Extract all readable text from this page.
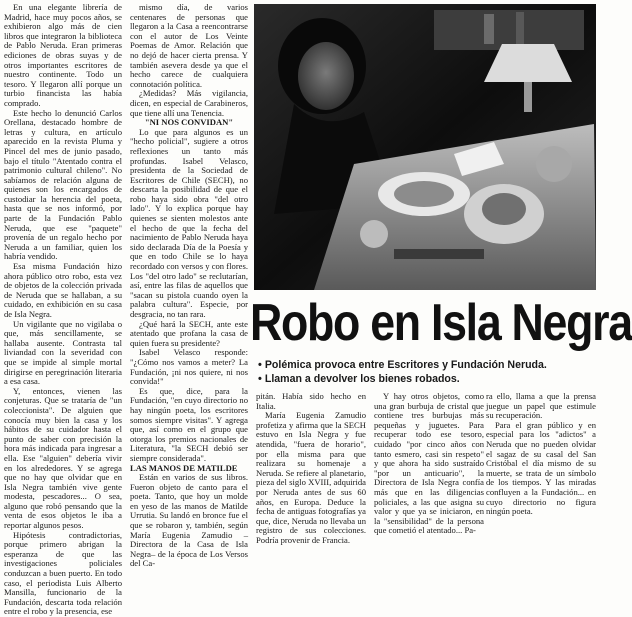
En una elegante librería de Madrid, hace muy pocos años, se exhibieron algo más de cien libros que integraron la biblioteca de Pablo Neruda. Eran primeras ediciones de obras suyas y de otros importantes escritores de nuestro continente. Todo un tesoro. Y llegaron allí porque un turbio financista las había comprado.

Este hecho lo denunció Carlos Orellana, destacado hombre de letras y cultura, en artículo aparecido en la revista Pluma y Pincel del mes de junio pasado, bajo el título "Atentado contra el patrimonio cultural chileno". No sabíamos de relación alguna de quienes son los encargados de custodiar la herencia del poeta, hasta que se nos informó, por parte de la Fundación Pablo Neruda, que ese "paquete" provenía de un regalo hecho por Neruda a un familiar, quien los habría vendido.

Esa misma Fundación hizo ahora público otro robo, esta vez de objetos de la colección privada de Neruda que se hallaban, a su cuidado, en exhibición en su casa de Isla Negra.

Un vigilante que no vigilaba o que, más sencillamente, se hallaba ausente. Contrasta tal liviandad con la severidad con que se impide al simple mortal dirigirse en peregrinación literaria a esa casa.

Y, entonces, vienen las conjeturas. Que se trataría de "un coleccionista". De alguien que conocía muy bien la casa y los hábitos de su cuidador hasta el punto de saber con precisión la hora más indicada para ingresar a ella. Ese "alguien" debería vivir en los alrededores. Y se agrega que no hay que olvidar que en Isla Negra también vive gente modesta, pescadores... O sea, alguno que robó pensando que la venta de esos objetos le iba a reportar algunos pesos.

Hipótesis contradictorias, porque primero abrigan la esperanza de que las investigaciones policiales conduzcan a buen puerto. En todo caso, el periodista Luis Alberto Mansilla, funcionario de la Fundación, descarta toda relación entre el robo y la presencia, ese

mismo día, de varios centenares de personas que llegaron a la Casa a reencontrarse con el autor de Los Veinte Poemas de Amor. Relación que no dejó de hacer cierta prensa. Y también asevera desde ya que el hecho carece de cualquiera connotación política.

¿Medidas? Más vigilancia, dicen, en especial de Carabineros, que tiene allí una Tenencia.

"NI NOS CONVIDAN"

Lo que para algunos es un "hecho policial", sugiere a otros reflexiones un tanto más profundas. Isabel Velasco, presidenta de la Sociedad de Escritores de Chile (SECH), no descarta la posibilidad de que el robo haya sido obra "del otro lado". Y lo explica porque hay quienes se sienten molestos ante el hecho de que la fecha del nacimiento de Pablo Neruda haya sido declarada Día de la Poesía y que en todo Chile se lo haya recordado con versos y con flores. Los "del otro lado" se reclutarían, así, entre las filas de aquellos que "sacan su pistola cuando oyen la palabra cultura". Especie, por desgracia, no tan rara.

¿Qué hará la SECH, ante este atentado que profana la casa de quien fuera su presidente?

Isabel Velasco responde: "¿Cómo nos vamos a meter? La Fundación, ¡ni nos quiere, ni nos convida!"

Es que, dice, para la Fundación, "en cuyo directorio no hay ningún poeta, los escritores somos siempre visitas". Y agrega que, así como en el grupo que otorga los premios nacionales de Literatura, "la SECH debió ser siempre considerada".

LAS MANOS DE MATILDE

Están en varios de sus libros. Fueron objeto de canto para el poeta. Tanto, que hoy un molde en yeso de las manos de Matilde Urrutia. Su landó en bronce fue el que se robaron y, también, según María Eugenia Zamudio –Directora de la Casa de Isla Negra– de la época de Los Versos del Ca-

Robo en Isla Negra
• Polémica provoca entre Escritores y Fundación Neruda.
• Llaman a devolver los bienes robados.

pitán. Había sido hecho en Italia.

María Eugenia Zamudio profetiza y afirma que la SECH estuvo en Isla Negra y fue atendida, "fuera de horario", por ella misma para que realizara su homenaje a Neruda. Se refiere al planetario, pieza del siglo XVIII, adquirida por Neruda antes de sus 60 años, en Europa. Deduce la fecha de antiguas fotografías ya que, dice, Neruda no llevaba un registro de sus colecciones. Podría provenir de Francia.

Y hay otros objetos, como una gran burbuja de cristal que contiene tres burbujas más pequeñas y juguetes. Para recuperar todo ese tesoro, cuidado "por cinco años con tanto esmero, casi sin respeto" y que ahora ha sido sustraído "por un anticuario", la Directora de Isla Negra confía más que en las diligencias policiales, a las que asigna su valor y que ya se iniciaron, en la "sensibilidad" de la persona que cometió el atentado... Pa-

ra ello, llama a que la prensa juegue un papel que estimule su recuperación.

Para el gran público y en especial para los "adictos" a Neruda que no pueden olvidar el sagaz de su casal del San Cristóbal el día mismo de su muerte, se trata de un símbolo de los tiempos. Y las miradas confluyen a la Fundación... en cuyo directorio no figura ningún poeta.
